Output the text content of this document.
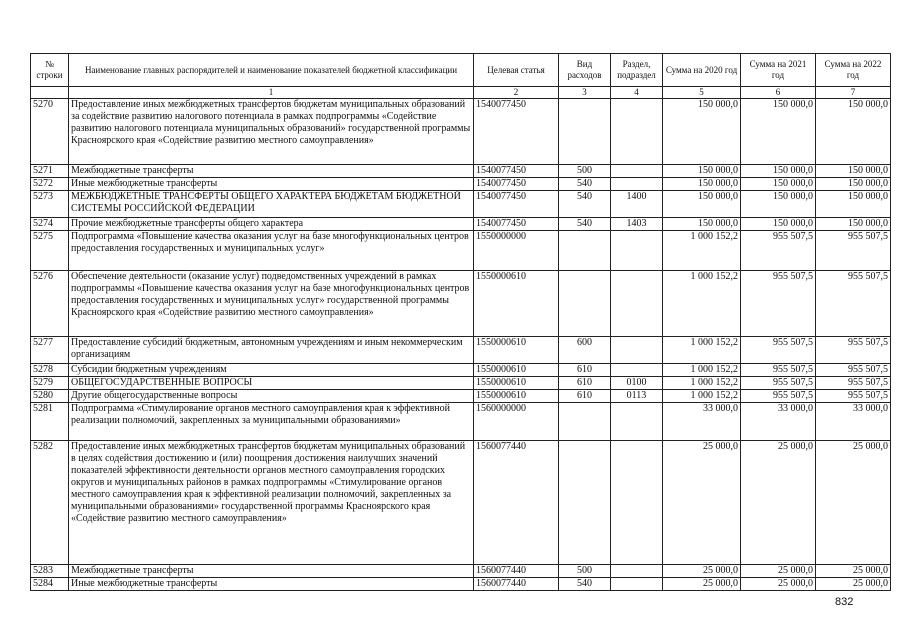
№ строки	Наименование главных распорядителей и наименование показателей бюджетной классификации	Целевая статья	Вид расходов	Раздел, подраздел	Сумма на 2020 год	Сумма на 2021 год	Сумма на 2022 год
	1	2	3	4	5	6	7
5270	Предоставление иных межбюджетных трансфертов бюджетам муниципальных образований за содействие развитию налогового потенциала в рамках подпрограммы «Содействие развитию налогового потенциала муниципальных образований» государственной программы Красноярского края «Содействие развитию местного самоуправления»	1540077450			150 000,0	150 000,0	150 000,0
5271	Межбюджетные трансферты	1540077450	500		150 000,0	150 000,0	150 000,0
5272	Иные межбюджетные трансферты	1540077450	540		150 000,0	150 000,0	150 000,0
5273	МЕЖБЮДЖЕТНЫЕ ТРАНСФЕРТЫ ОБЩЕГО ХАРАКТЕРА БЮДЖЕТАМ БЮДЖЕТНОЙ СИСТЕМЫ РОССИЙСКОЙ ФЕДЕРАЦИИ	1540077450	540	1400	150 000,0	150 000,0	150 000,0
5274	Прочие межбюджетные трансферты общего характера	1540077450	540	1403	150 000,0	150 000,0	150 000,0
5275	Подпрограмма «Повышение качества оказания услуг на базе многофункциональных центров предоставления государственных и муниципальных услуг»	1550000000			1 000 152,2	955 507,5	955 507,5
5276	Обеспечение деятельности (оказание услуг) подведомственных учреждений в рамках подпрограммы «Повышение качества оказания услуг на базе многофункциональных центров предоставления государственных и муниципальных услуг» государственной программы Красноярского края «Содействие развитию местного самоуправления»	1550000610			1 000 152,2	955 507,5	955 507,5
5277	Предоставление субсидий бюджетным, автономным учреждениям и иным некоммерческим организациям	1550000610	600		1 000 152,2	955 507,5	955 507,5
5278	Субсидии бюджетным учреждениям	1550000610	610		1 000 152,2	955 507,5	955 507,5
5279	ОБЩЕГОСУДАРСТВЕННЫЕ ВОПРОСЫ	1550000610	610	0100	1 000 152,2	955 507,5	955 507,5
5280	Другие общегосударственные вопросы	1550000610	610	0113	1 000 152,2	955 507,5	955 507,5
5281	Подпрограмма «Стимулирование органов местного самоуправления края к эффективной реализации полномочий, закрепленных за муниципальными образованиями»	1560000000			33 000,0	33 000,0	33 000,0
5282	Предоставление иных межбюджетных трансфертов бюджетам муниципальных образований в целях содействия достижению и (или) поощрения достижения наилучших значений показателей эффективности деятельности органов местного самоуправления городских округов и муниципальных районов в рамках подпрограммы «Стимулирование органов местного самоуправления края к эффективной реализации полномочий, закрепленных за муниципальными образованиями» государственной программы Красноярского края «Содействие развитию местного самоуправления»	1560077440			25 000,0	25 000,0	25 000,0
5283	Межбюджетные трансферты	1560077440	500		25 000,0	25 000,0	25 000,0
5284	Иные межбюджетные трансферты	1560077440	540		25 000,0	25 000,0	25 000,0
832
